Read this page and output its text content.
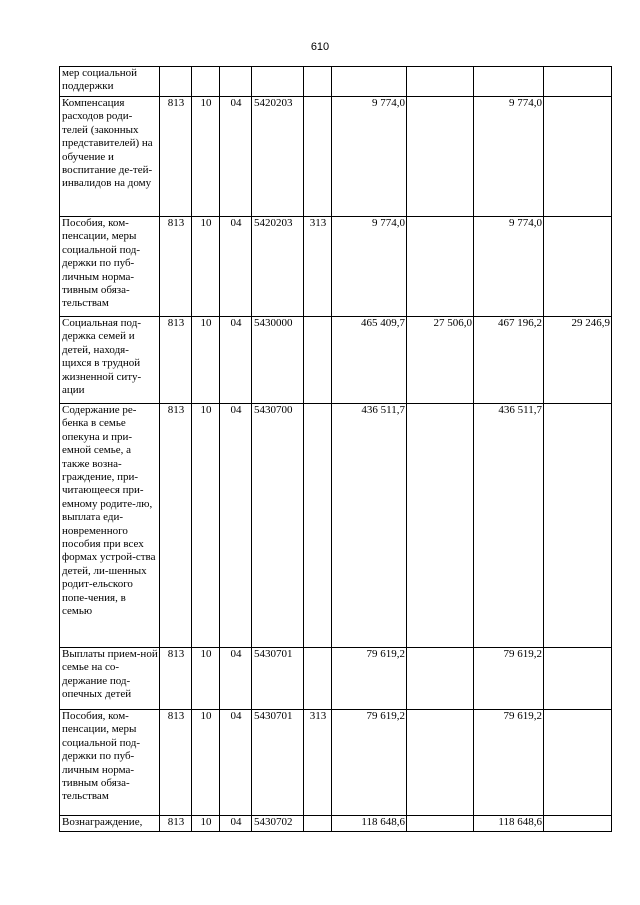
610
мер социальной поддержки									
Компенсация расходов роди-телей (законных представителей) на обучение и воспитание де-тей-инвалидов на дому	813	10	04	5420203		9 774,0		9 774,0	
Пособия, ком-пенсации, меры социальной под-держки по пуб-личным норма-тивным обяза-тельствам	813	10	04	5420203	313	9 774,0		9 774,0	
Социальная под-держка семей и детей, находя-щихся в трудной жизненной ситу-ации	813	10	04	5430000		465 409,7	27 506,0	467 196,2	29 246,9
Содержание ре-бенка в семье опекуна и при-емной семье, а также возна-граждение, при-читающееся при-емному родите-лю, выплата еди-новременного пособия при всех формах устрой-ства детей, ли-шенных родит-ельского попе-чения, в семью	813	10	04	5430700		436 511,7		436 511,7	
Выплаты прием-ной семье на со-держание под-опечных детей	813	10	04	5430701		79 619,2		79 619,2	
Пособия, ком-пенсации, меры социальной под-держки по пуб-личным норма-тивным обяза-тельствам	813	10	04	5430701	313	79 619,2		79 619,2	
Вознаграждение,	813	10	04	5430702		118 648,6		118 648,6	
